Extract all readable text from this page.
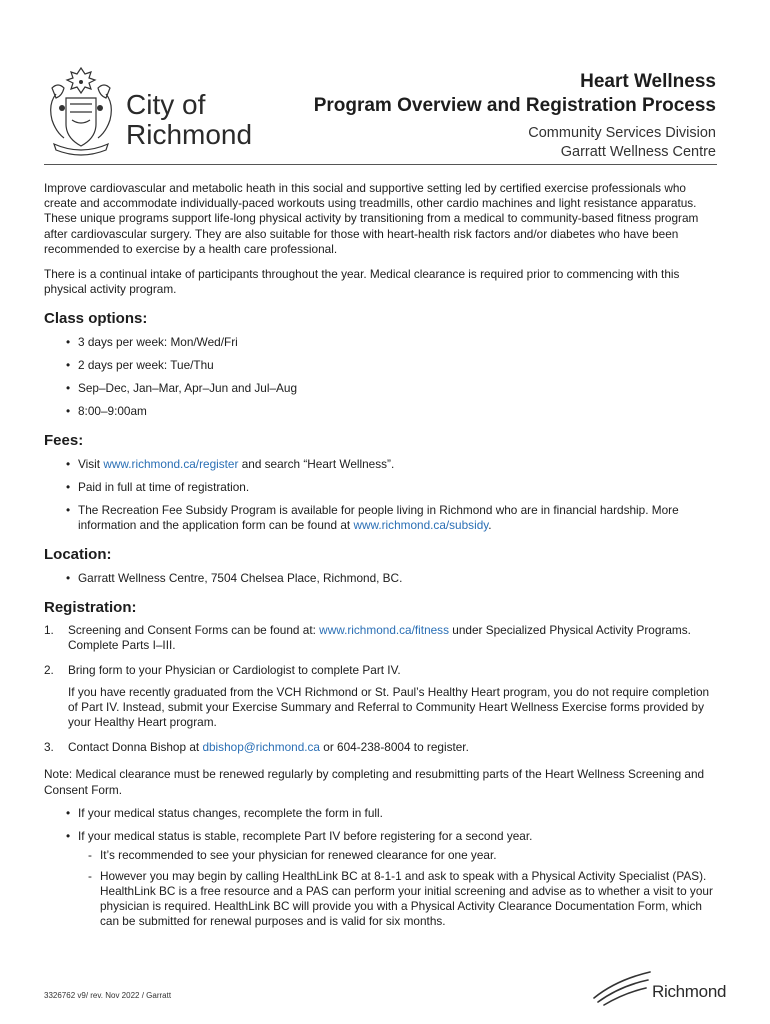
City of
Richmond
Heart Wellness
Program Overview and Registration Process
Community Services Division
Garratt Wellness Centre

Improve cardiovascular and metabolic heath in this social and supportive setting led by certified exercise professionals who create and accommodate individually-paced workouts using treadmills, other cardio machines and light resistance apparatus. These unique programs support life-long physical activity by transitioning from a medical to community-based fitness program after cardiovascular surgery. They are also suitable for those with heart-health risk factors and/or diabetes who have been recommended to exercise by a health care professional.

There is a continual intake of participants throughout the year. Medical clearance is required prior to commencing with this physical activity program.

Class options:
• 3 days per week: Mon/Wed/Fri
• 2 days per week: Tue/Thu
• Sep–Dec, Jan–Mar, Apr–Jun and Jul–Aug
• 8:00–9:00am
Fees:
• Visit www.richmond.ca/register and search “Heart Wellness”.
• Paid in full at time of registration.
• The Recreation Fee Subsidy Program is available for people living in Richmond who are in financial hardship. More information and the application form can be found at www.richmond.ca/subsidy.
Location:
• Garratt Wellness Centre, 7504 Chelsea Place, Richmond, BC.
Registration:
1. Screening and Consent Forms can be found at: www.richmond.ca/fitness under Specialized Physical Activity Programs. Complete Parts I–III.
2. Bring form to your Physician or Cardiologist to complete Part IV.

If you have recently graduated from the VCH Richmond or St. Paul’s Healthy Heart program, you do not require completion of Part IV. Instead, submit your Exercise Summary and Referral to Community Heart Wellness Exercise forms provided by your Healthy Heart program.

3. Contact Donna Bishop at dbishop@richmond.ca or 604-238-8004 to register.

Note: Medical clearance must be renewed regularly by completing and resubmitting parts of the Heart Wellness Screening and Consent Form.

• If your medical status changes, recomplete the form in full.
• If your medical status is stable, recomplete Part IV before registering for a second year.
- It’s recommended to see your physician for renewed clearance for one year.
- However you may begin by calling HealthLink BC at 8-1-1 and ask to speak with a Physical Activity Specialist (PAS). HealthLink BC is a free resource and a PAS can perform your initial screening and advise as to whether a visit to your physician is required. HealthLink BC will provide you with a Physical Activity Clearance Documentation Form, which can be submitted for renewal purposes and is valid for six months.
3326762 v9/ rev. Nov 2022 / Garratt	Richmond
